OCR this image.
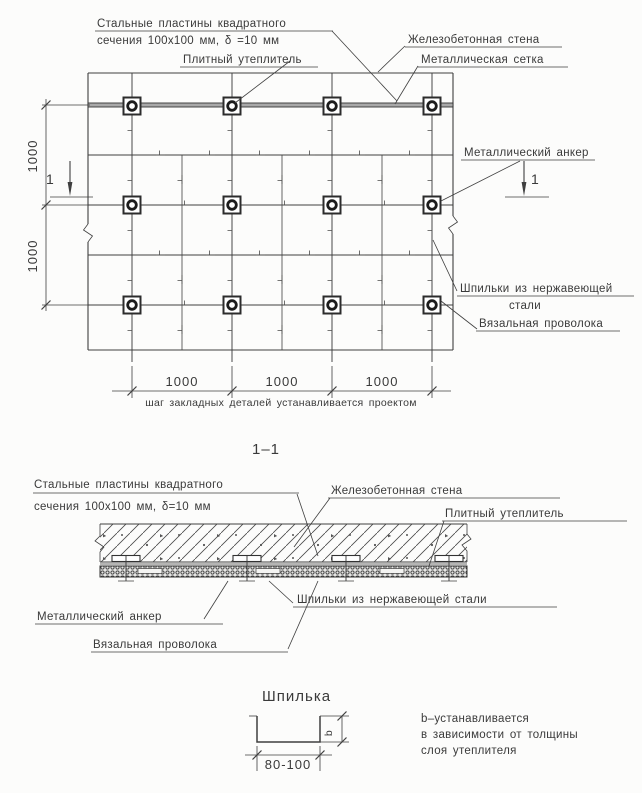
Стальные пластины квадратного
сечения 100x100 мм, δ =10 мм
Плитный утеплитель
Железобетонная стена
Металлическая сетка
Металлический анкер
Шпильки из нержавеющей
стали
Вязальная проволока
1000	1000	1000
шаг закладных деталей устанавливается проектом
1000
1000
1	1
1–1
Стальные пластины квадратного
сечения 100x100 мм, δ=10 мм
Железобетонная стена
Плитный утеплитель
Металлический анкер
Вязальная проволока
Шпильки из нержавеющей стали
Шпилька
b
80-100
b–устанавливается
в зависимости от толщины
слоя утеплителя
